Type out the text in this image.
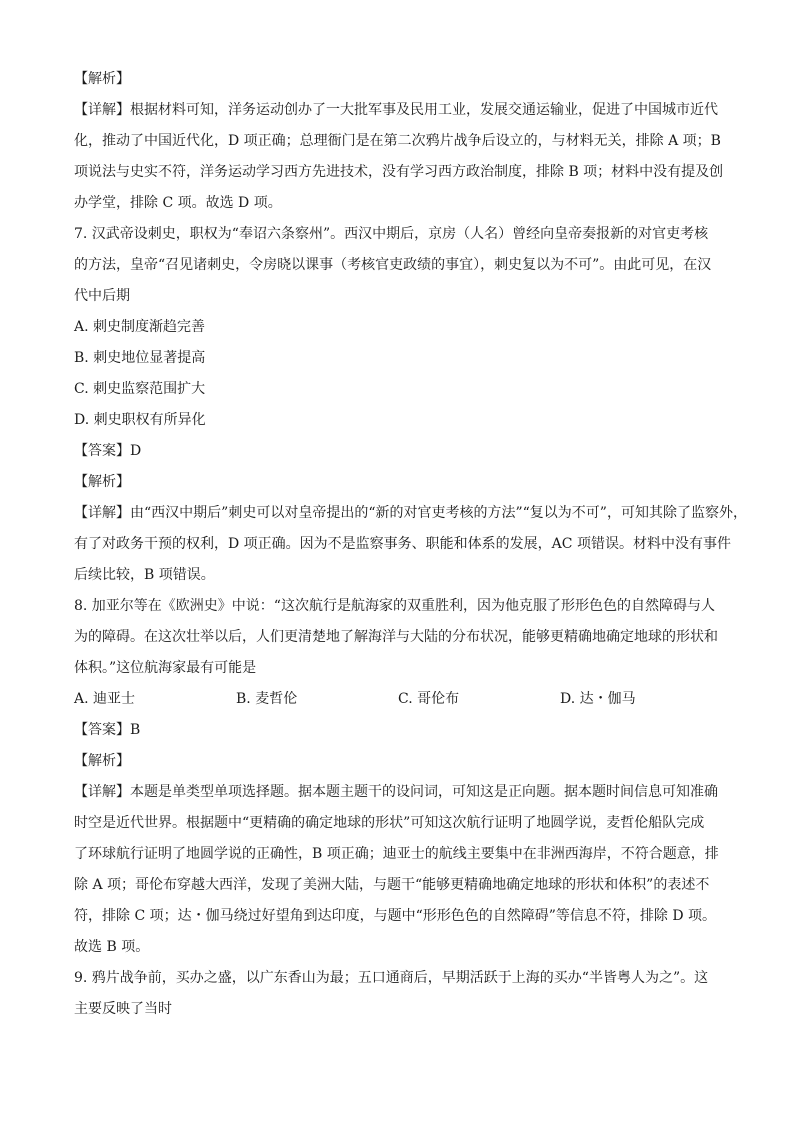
【解析】
【详解】根据材料可知，洋务运动创办了一大批军事及民用工业，发展交通运输业，促进了中国城市近代
化，推动了中国近代化，D 项正确；总理衙门是在第二次鸦片战争后设立的，与材料无关，排除 A 项；B
项说法与史实不符，洋务运动学习西方先进技术，没有学习西方政治制度，排除 B 项；材料中没有提及创
办学堂，排除 C 项。故选 D 项。
7. 汉武帝设刺史，职权为“奉诏六条察州”。西汉中期后，京房（人名）曾经向皇帝奏报新的对官吏考核
的方法，皇帝“召见诸刺史，令房晓以课事（考核官吏政绩的事宜），刺史复以为不可”。由此可见，在汉
代中后期
A. 刺史制度渐趋完善
B. 刺史地位显著提高
C. 刺史监察范围扩大
D. 刺史职权有所异化
【答案】D
【解析】
【详解】由“西汉中期后”刺史可以对皇帝提出的“新的对官吏考核的方法”“复以为不可”，可知其除了监察外，
有了对政务干预的权利，D 项正确。因为不是监察事务、职能和体系的发展，AC 项错误。材料中没有事件
后续比较，B 项错误。
8. 加亚尔等在《欧洲史》中说：“这次航行是航海家的双重胜利，因为他克服了形形色色的自然障碍与人
为的障碍。在这次壮举以后，人们更清楚地了解海洋与大陆的分布状况，能够更精确地确定地球的形状和
体积。”这位航海家最有可能是
A. 迪亚士	B. 麦哲伦	C. 哥伦布	D. 达・伽马
【答案】B
【解析】
【详解】本题是单类型单项选择题。据本题主题干的设问词，可知这是正向题。据本题时间信息可知准确
时空是近代世界。根据题中“更精确的确定地球的形状”可知这次航行证明了地圆学说，麦哲伦船队完成
了环球航行证明了地圆学说的正确性，B 项正确；迪亚士的航线主要集中在非洲西海岸，不符合题意，排
除 A 项；哥伦布穿越大西洋，发现了美洲大陆，与题干“能够更精确地确定地球的形状和体积”的表述不
符，排除 C 项；达・伽马绕过好望角到达印度，与题中“形形色色的自然障碍”等信息不符，排除 D 项。
故选 B 项。
9. 鸦片战争前，买办之盛，以广东香山为最；五口通商后，早期活跃于上海的买办“半皆粤人为之”。这
主要反映了当时
